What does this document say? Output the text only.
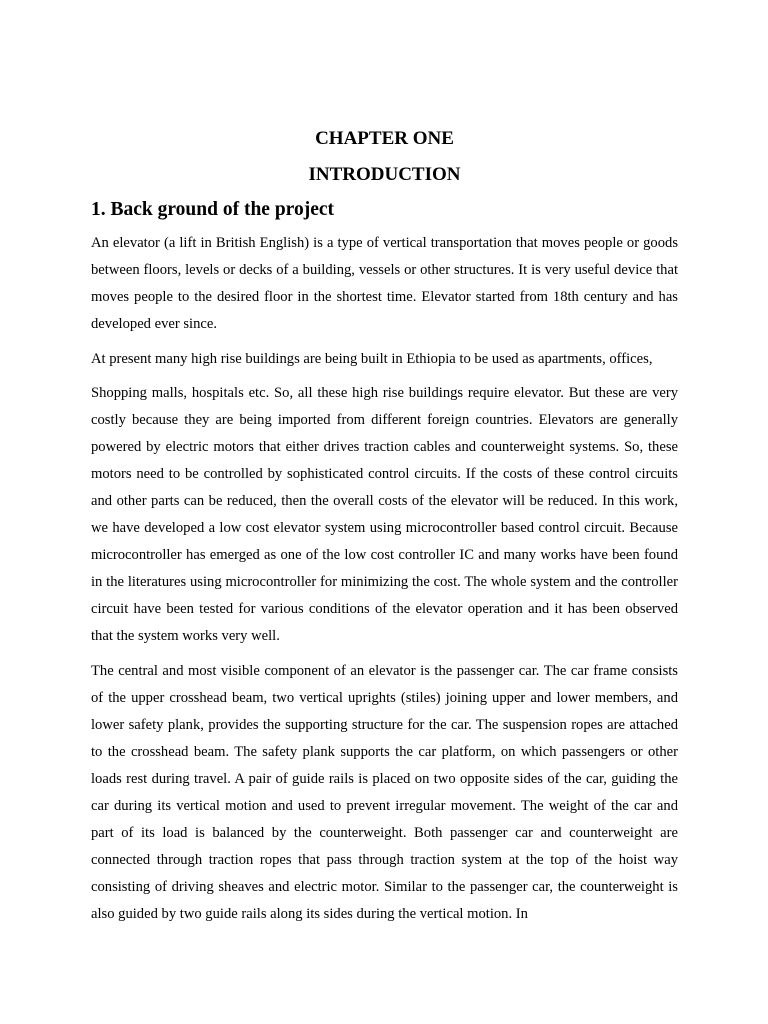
CHAPTER ONE
INTRODUCTION
1. Back ground of the project

An elevator (a lift in British English) is a type of vertical transportation that moves people or goods between floors, levels or decks of a building, vessels or other structures. It is very useful device that moves people to the desired floor in the shortest time. Elevator started from 18th century and has developed ever since.

At present many high rise buildings are being built in Ethiopia to be used as apartments, offices,

Shopping malls, hospitals etc. So, all these high rise buildings require elevator. But these are very costly because they are being imported from different foreign countries. Elevators are generally powered by electric motors that either drives traction cables and counterweight systems. So, these motors need to be controlled by sophisticated control circuits. If the costs of these control circuits and other parts can be reduced, then the overall costs of the elevator will be reduced. In this work, we have developed a low cost elevator system using microcontroller based control circuit. Because microcontroller has emerged as one of the low cost controller IC and many works have been found in the literatures using microcontroller for minimizing the cost. The whole system and the controller circuit have been tested for various conditions of the elevator operation and it has been observed that the system works very well.

The central and most visible component of an elevator is the passenger car. The car frame consists of the upper crosshead beam, two vertical uprights (stiles) joining upper and lower members, and lower safety plank, provides the supporting structure for the car. The suspension ropes are attached to the crosshead beam. The safety plank supports the car platform, on which passengers or other loads rest during travel. A pair of guide rails is placed on two opposite sides of the car, guiding the car during its vertical motion and used to prevent irregular movement. The weight of the car and part of its load is balanced by the counterweight. Both passenger car and counterweight are connected through traction ropes that pass through traction system at the top of the hoist way consisting of driving sheaves and electric motor. Similar to the passenger car, the counterweight is also guided by two guide rails along its sides during the vertical motion. In
